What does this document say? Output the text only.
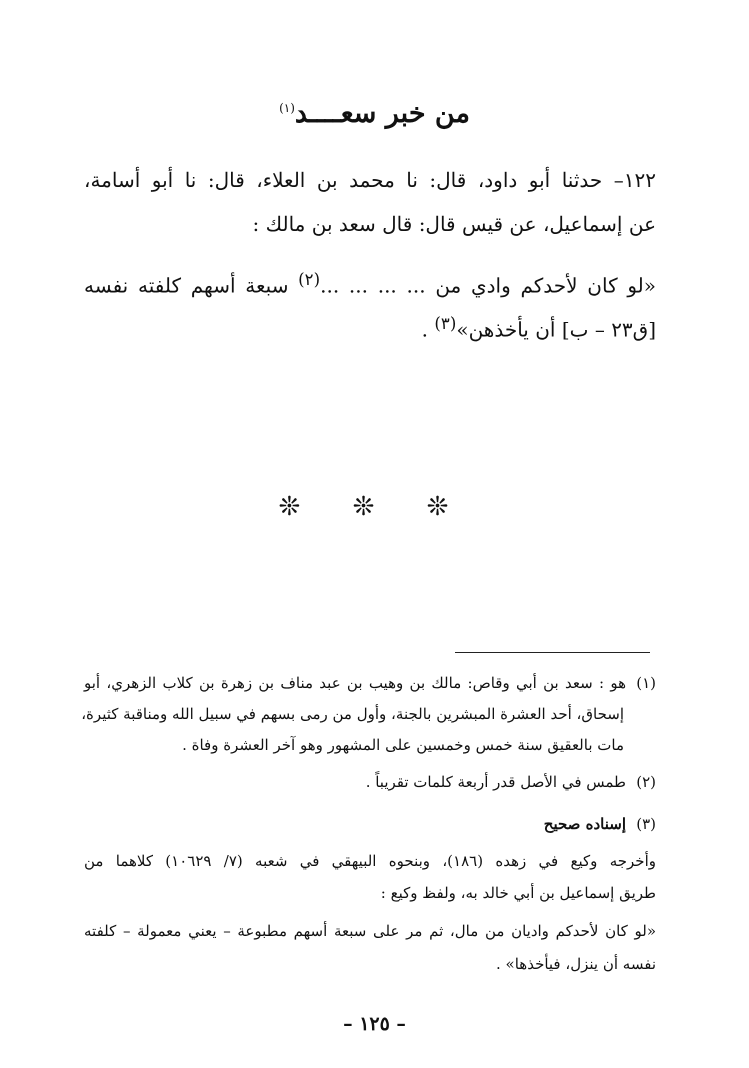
من خبر سعــــد$^{(١)}$
١٢٢– حدثنا أبو داود، قال: نا محمد بن العلاء، قال: نا أبو أسامة،
عن إسماعيل، عن قيس قال: قال سعد بن مالك :
«لو كان لأحدكم وادي من ... ... ... ...$^{(٢)}$ سبعة أسهم كلفته نفسه
[ق٢٣ – ب] أن يأخذهن»$^{(٣)}$ .
❊ ❊ ❊
(١)هو : سعد بن أبي وقاص: مالك بن وهيب بن عبد مناف بن زهرة بن كلاب الزهري، أبو
إسحاق، أحد العشرة المبشرين بالجنة، وأول من رمى بسهم في سبيل الله ومناقبة كثيرة،
مات بالعقيق سنة خمس وخمسين على المشهور وهو آخر العشرة وفاة .
(٢)طمس في الأصل قدر أربعة كلمات تقريباً .
(٣)إسناده صحيح
وأخرجه وكيع في زهده (١٨٦)، وبنحوه البيهقي في شعبه (٧/ ١٠٦٢٩) كلاهما من
طريق إسماعيل بن أبي خالد به، ولفظ وكيع :
«لو كان لأحدكم واديان من مال، ثم مر على سبعة أسهم مطبوعة – يعني معمولة – كلفته
نفسه أن ينزل، فيأخذها» .
– ١٢٥ –
